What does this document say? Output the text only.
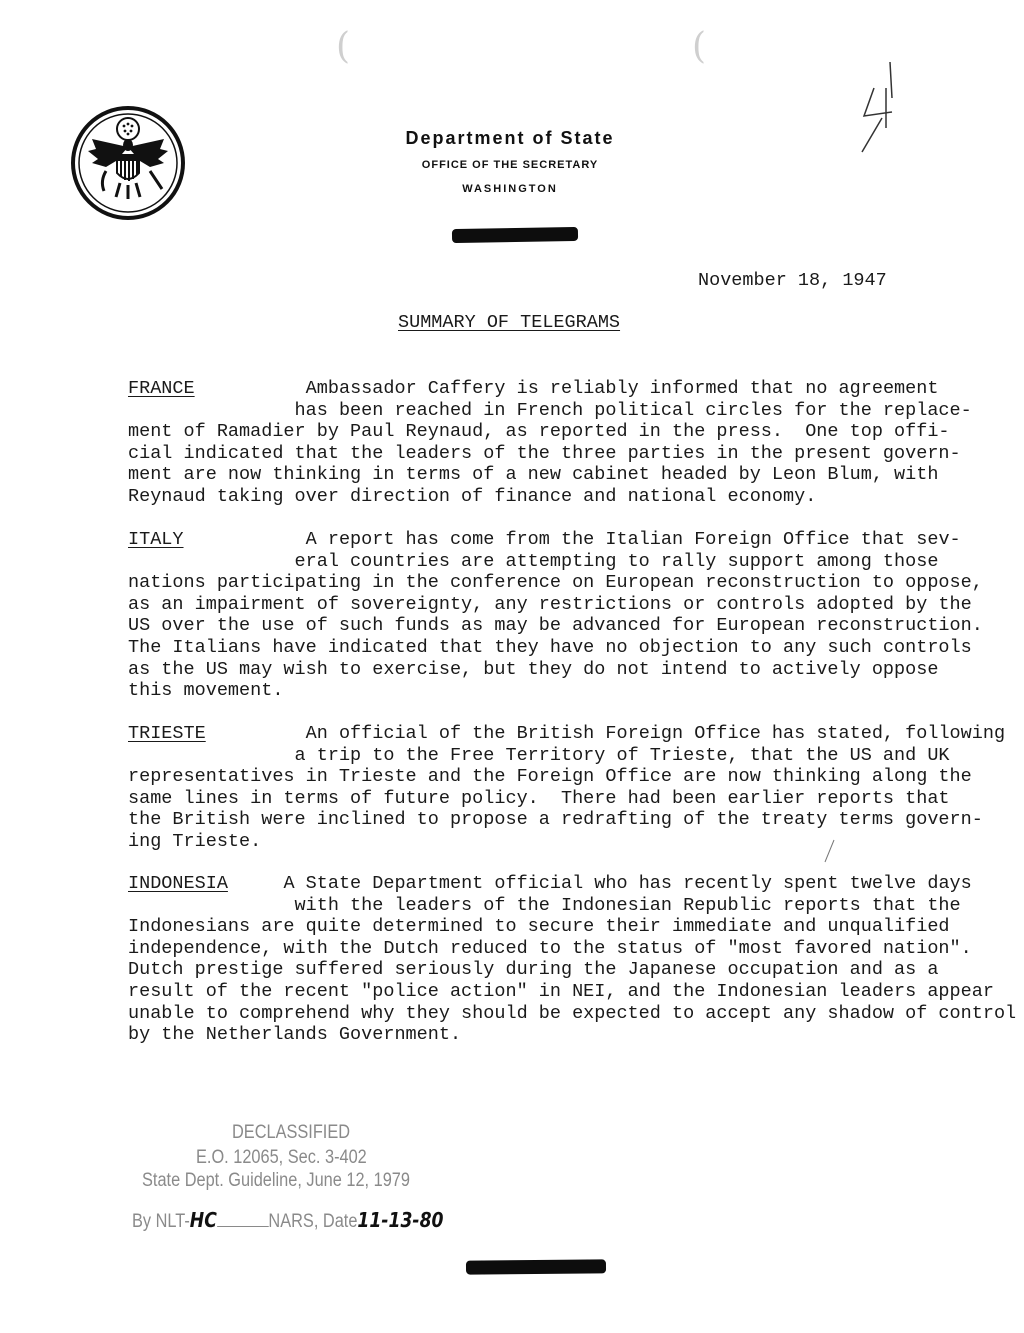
(	(
Department of State
OFFICE OF THE SECRETARY
WASHINGTON
November 18, 1947
SUMMARY OF TELEGRAMS
FRANCE	Ambassador Caffery is reliably informed that no agreement
has been reached in French political circles for the replace-
ment of Ramadier by Paul Reynaud, as reported in the press.  One top offi-
cial indicated that the leaders of the three parties in the present govern-
ment are now thinking in terms of a new cabinet headed by Leon Blum, with
Reynaud taking over direction of finance and national economy.
ITALY	A report has come from the Italian Foreign Office that sev-
eral countries are attempting to rally support among those
nations participating in the conference on European reconstruction to oppose,
as an impairment of sovereignty, any restrictions or controls adopted by the
US over the use of such funds as may be advanced for European reconstruction.
The Italians have indicated that they have no objection to any such controls
as the US may wish to exercise, but they do not intend to actively oppose
this movement.
TRIESTE	An official of the British Foreign Office has stated, following
a trip to the Free Territory of Trieste, that the US and UK
representatives in Trieste and the Foreign Office are now thinking along the
same lines in terms of future policy.  There had been earlier reports that
the British were inclined to propose a redrafting of the treaty terms govern-
ing Trieste.
INDONESIA	A State Department official who has recently spent twelve days
with the leaders of the Indonesian Republic reports that the
Indonesians are quite determined to secure their immediate and unqualified
independence, with the Dutch reduced to the status of "most favored nation".
Dutch prestige suffered seriously during the Japanese occupation and as a
result of the recent "police action" in NEI, and the Indonesian leaders appear
unable to comprehend why they should be expected to accept any shadow of control
by the Netherlands Government.
DECLASSIFIED
E.O. 12065, Sec. 3-402
State Dept. Guideline, June 12, 1979
By NLT-HC	NARS, Date11-13-80
